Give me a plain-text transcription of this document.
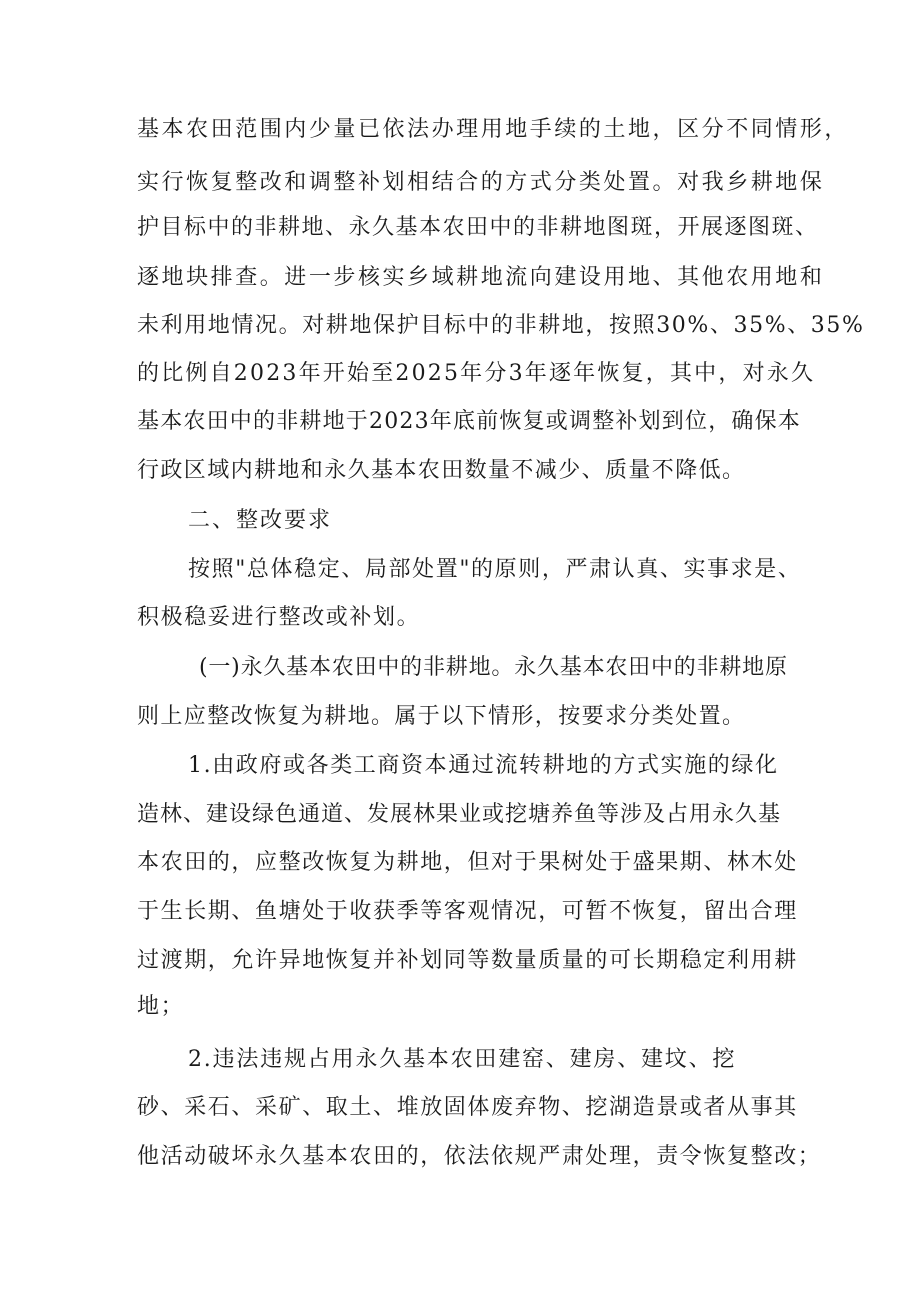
基本农田范围内少量已依法办理用地手续的土地，区分不同情形，
实行恢复整改和调整补划相结合的方式分类处置。对我乡耕地保
护目标中的非耕地、永久基本农田中的非耕地图斑，开展逐图斑、
逐地块排查。进一步核实乡域耕地流向建设用地、其他农用地和
未利用地情况。对耕地保护目标中的非耕地，按照30%、35%、35%
的比例自2023年开始至2025年分3年逐年恢复，其中，对永久
基本农田中的非耕地于2023年底前恢复或调整补划到位，确保本
行政区域内耕地和永久基本农田数量不减少、质量不降低。
二、整改要求
按照"总体稳定、局部处置"的原则，严肃认真、实事求是、
积极稳妥进行整改或补划。
(一)永久基本农田中的非耕地。永久基本农田中的非耕地原
则上应整改恢复为耕地。属于以下情形，按要求分类处置。
1.由政府或各类工商资本通过流转耕地的方式实施的绿化
造林、建设绿色通道、发展林果业或挖塘养鱼等涉及占用永久基
本农田的，应整改恢复为耕地，但对于果树处于盛果期、林木处
于生长期、鱼塘处于收获季等客观情况，可暂不恢复，留出合理
过渡期，允许异地恢复并补划同等数量质量的可长期稳定利用耕
地；
2.违法违规占用永久基本农田建窑、建房、建坟、挖
砂、采石、采矿、取土、堆放固体废弃物、挖湖造景或者从事其
他活动破坏永久基本农田的，依法依规严肃处理，责令恢复整改；
